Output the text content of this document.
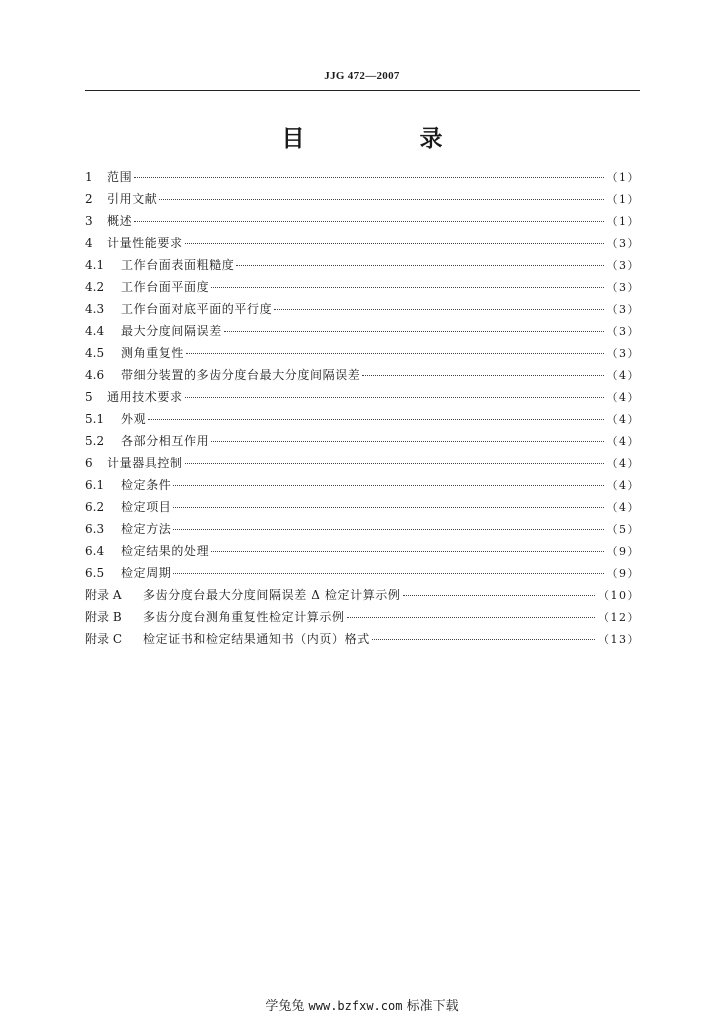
JJG 472—2007
目　录
1	范围	（1）
2	引用文献	（1）
3	概述	（1）
4	计量性能要求	（3）
4.1	工作台面表面粗糙度	（3）
4.2	工作台面平面度	（3）
4.3	工作台面对底平面的平行度	（3）
4.4	最大分度间隔误差	（3）
4.5	测角重复性	（3）
4.6	带细分装置的多齿分度台最大分度间隔误差	（4）
5	通用技术要求	（4）
5.1	外观	（4）
5.2	各部分相互作用	（4）
6	计量器具控制	（4）
6.1	检定条件	（4）
6.2	检定项目	（4）
6.3	检定方法	（5）
6.4	检定结果的处理	（9）
6.5	检定周期	（9）
附录 A	多齿分度台最大分度间隔误差 Δ 检定计算示例	（10）
附录 B	多齿分度台测角重复性检定计算示例	（12）
附录 C	检定证书和检定结果通知书（内页）格式	（13）
学兔兔 www.bzfxw.com 标准下载
